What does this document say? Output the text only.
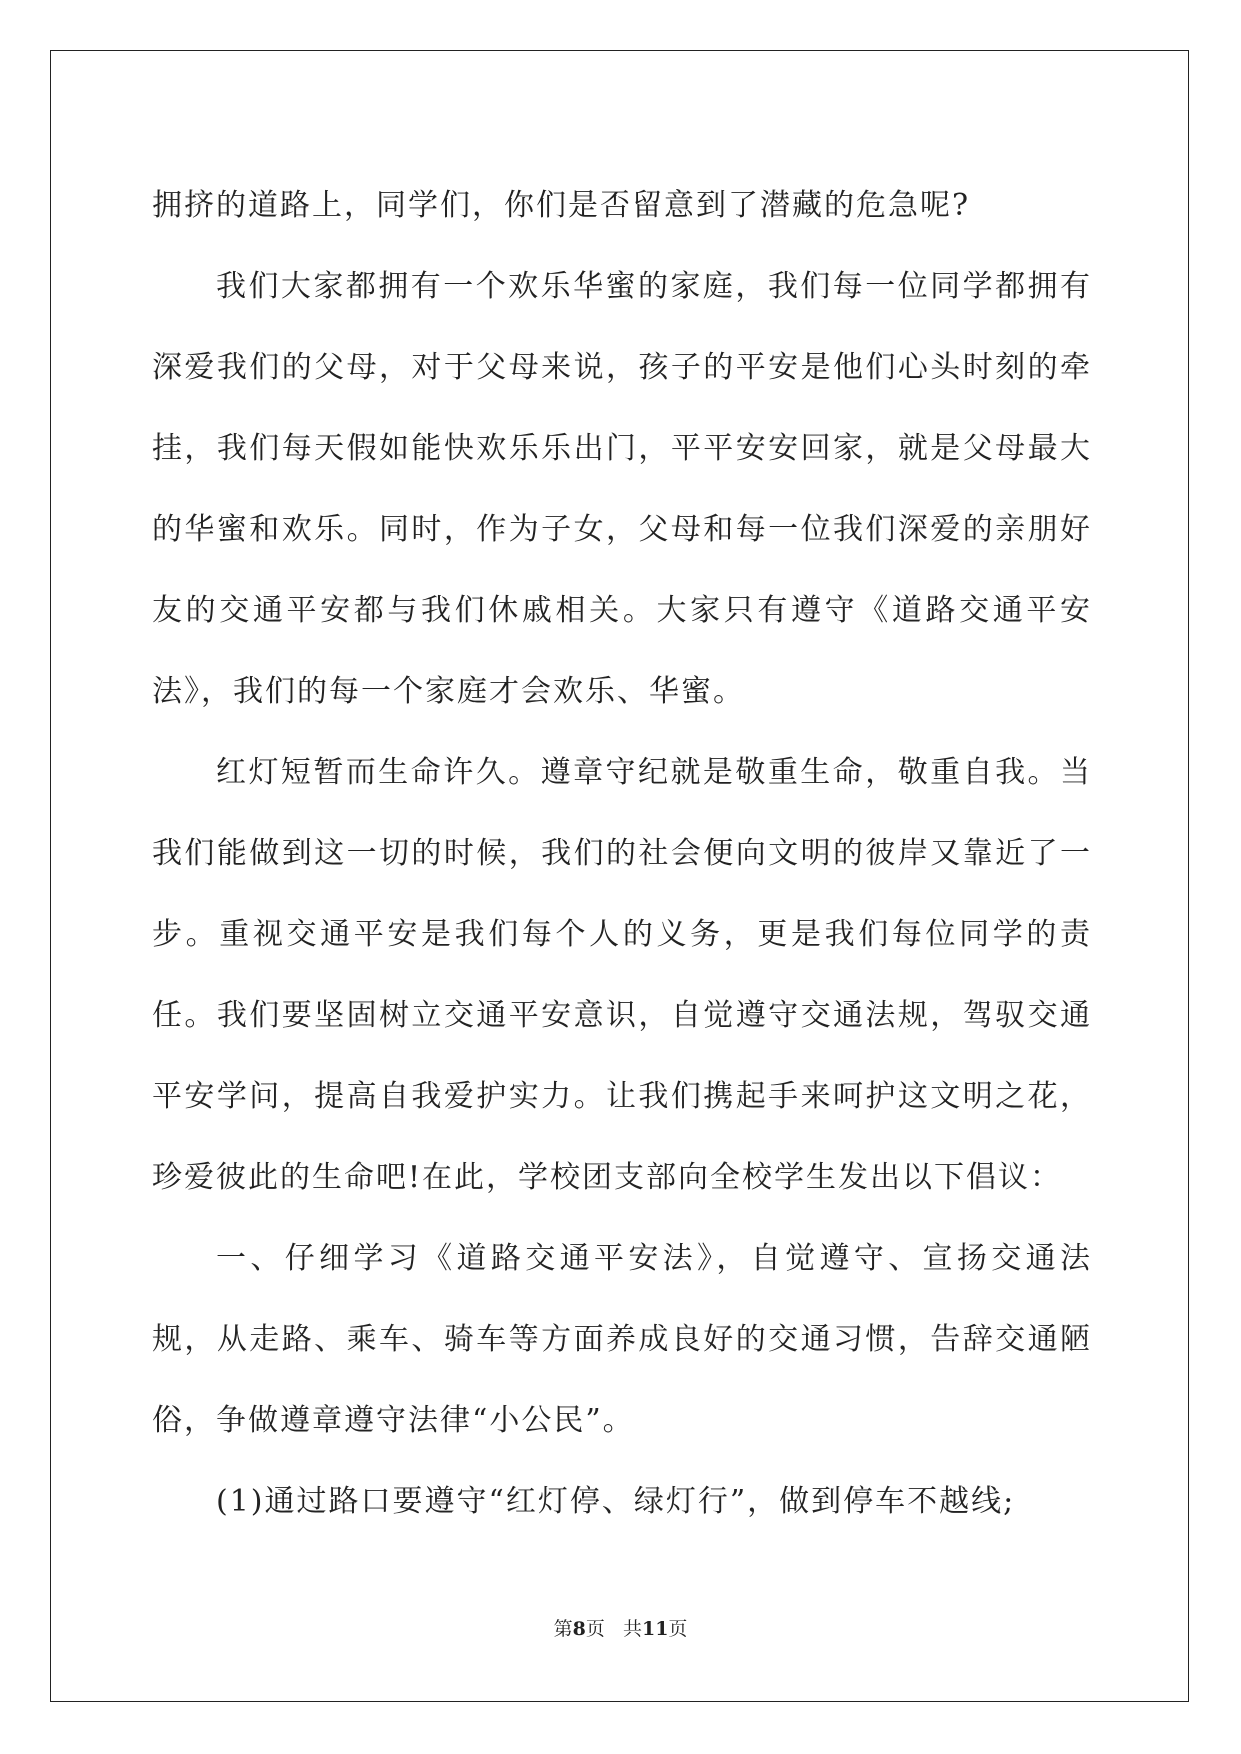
拥挤的道路上，同学们，你们是否留意到了潜藏的危急呢?

我们大家都拥有一个欢乐华蜜的家庭，我们每一位同学都拥有深爱我们的父母，对于父母来说，孩子的平安是他们心头时刻的牵挂，我们每天假如能快欢乐乐出门，平平安安回家，就是父母最大的华蜜和欢乐。同时，作为子女，父母和每一位我们深爱的亲朋好友的交通平安都与我们休戚相关。大家只有遵守《道路交通平安法》，我们的每一个家庭才会欢乐、华蜜。

红灯短暂而生命许久。遵章守纪就是敬重生命，敬重自我。当我们能做到这一切的时候，我们的社会便向文明的彼岸又靠近了一步。重视交通平安是我们每个人的义务，更是我们每位同学的责任。我们要坚固树立交通平安意识，自觉遵守交通法规，驾驭交通平安学问，提高自我爱护实力。让我们携起手来呵护这文明之花，珍爱彼此的生命吧!在此，学校团支部向全校学生发出以下倡议：

一、仔细学习《道路交通平安法》，自觉遵守、宣扬交通法规，从走路、乘车、骑车等方面养成良好的交通习惯，告辞交通陋俗，争做遵章遵守法律“小公民”。

(1)通过路口要遵守“红灯停、绿灯行”，做到停车不越线;

第8页 共11页
